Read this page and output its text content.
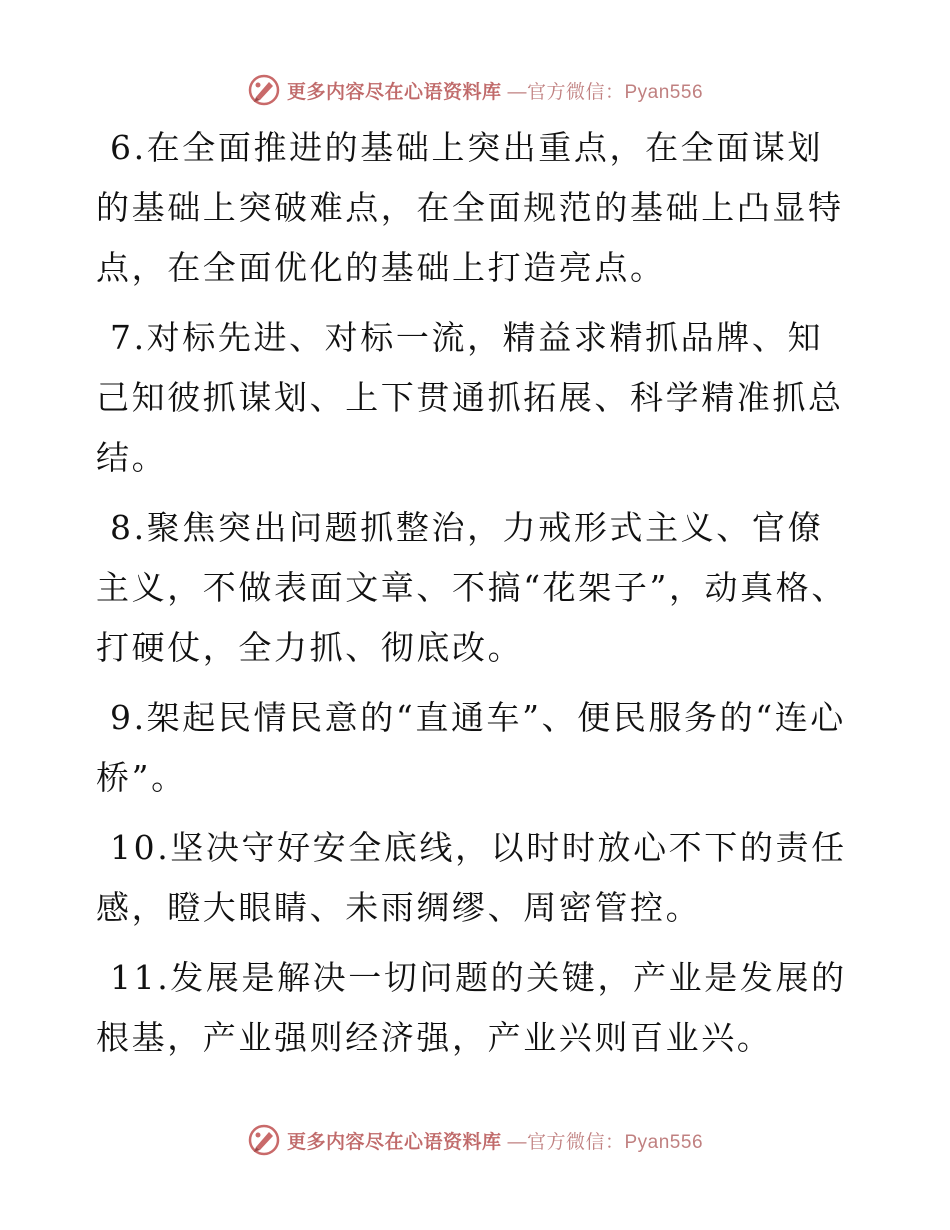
更多内容尽在心语资料库 —官方微信：Pyan556

6.在全面推进的基础上突出重点，在全面谋划的基础上突破难点，在全面规范的基础上凸显特点，在全面优化的基础上打造亮点。

7.对标先进、对标一流，精益求精抓品牌、知己知彼抓谋划、上下贯通抓拓展、科学精准抓总结。

8.聚焦突出问题抓整治，力戒形式主义、官僚主义，不做表面文章、不搞“花架子”，动真格、打硬仗，全力抓、彻底改。

9.架起民情民意的“直通车”、便民服务的“连心桥”。

10.坚决守好安全底线，以时时放心不下的责任感，瞪大眼睛、未雨绸缪、周密管控。

11.发展是解决一切问题的关键，产业是发展的根基，产业强则经济强，产业兴则百业兴。

更多内容尽在心语资料库 —官方微信：Pyan556
